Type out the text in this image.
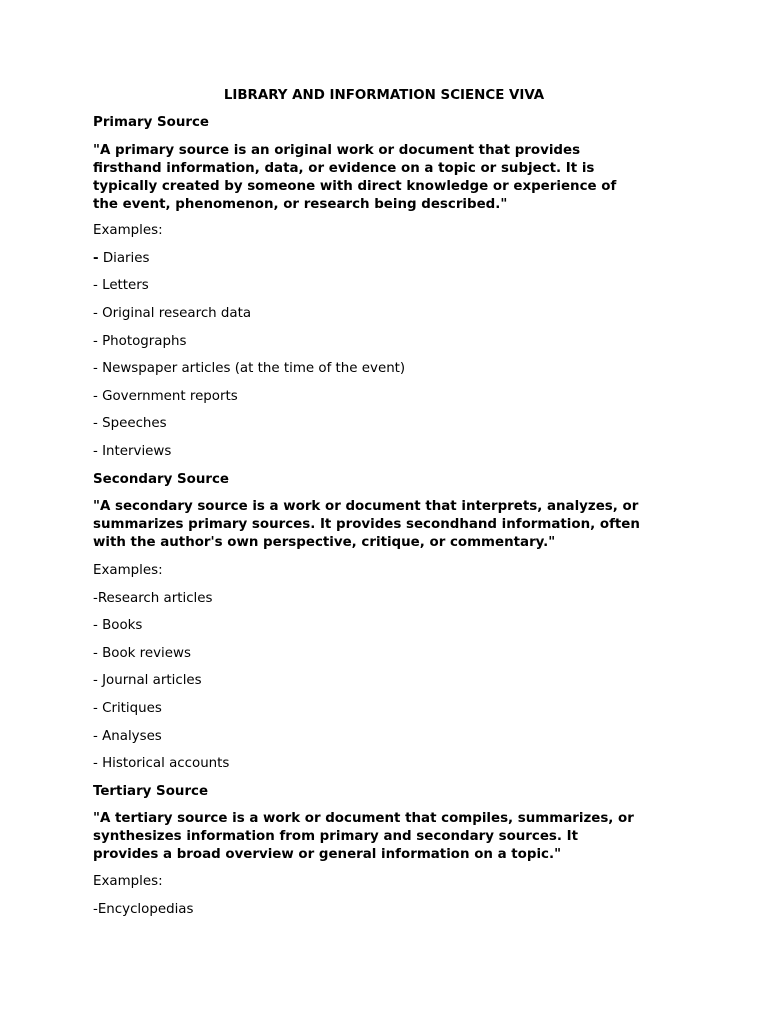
LIBRARY AND INFORMATION SCIENCE VIVA
Primary Source
"A primary source is an original work or document that provides
firsthand information, data, or evidence on a topic or subject. It is
typically created by someone with direct knowledge or experience of
the event, phenomenon, or research being described."
Examples:
- Diaries
- Letters
- Original research data
- Photographs
- Newspaper articles (at the time of the event)
- Government reports
- Speeches
- Interviews
Secondary Source
"A secondary source is a work or document that interprets, analyzes, or
summarizes primary sources. It provides secondhand information, often
with the author's own perspective, critique, or commentary."
Examples:
-Research articles
- Books
- Book reviews
- Journal articles
- Critiques
- Analyses
- Historical accounts
Tertiary Source
"A tertiary source is a work or document that compiles, summarizes, or
synthesizes information from primary and secondary sources. It
provides a broad overview or general information on a topic."
Examples:
-Encyclopedias
